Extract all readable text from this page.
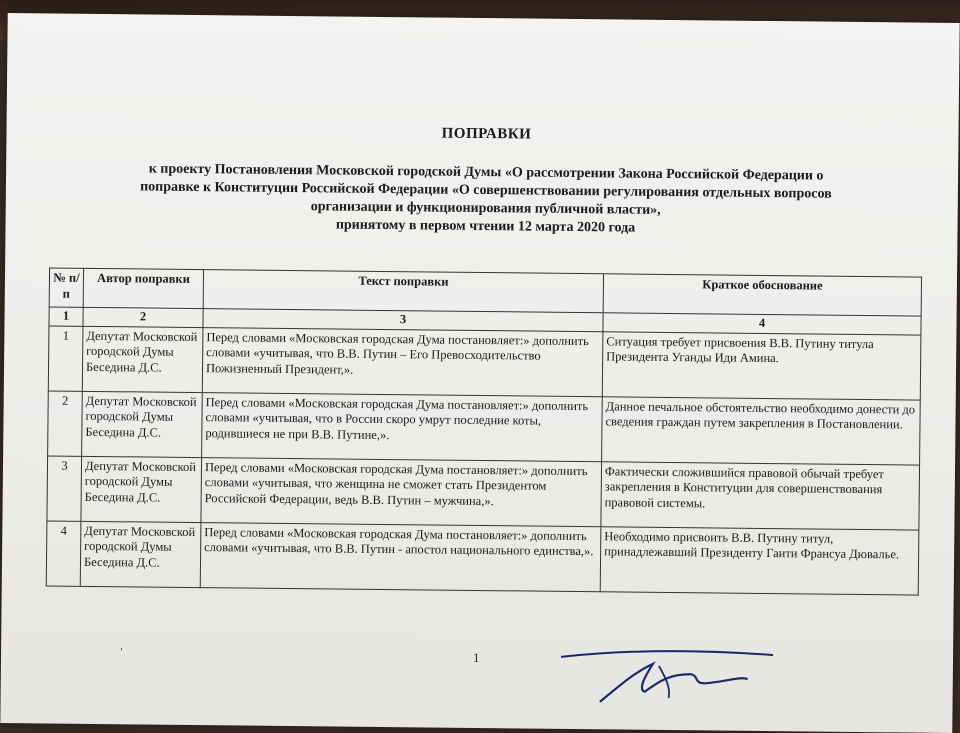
ПОПРАВКИ
к проекту Постановления Московской городской Думы «О рассмотрении Закона Российской Федерации о
поправке к Конституции Российской Федерации «О совершенствовании регулирования отдельных вопросов
организации и функционирования публичной власти»,
принятому в первом чтении 12 марта 2020 года
№ п/п	Автор поправки	Текст поправки	Краткое обоснование
1	2	3	4
1	Депутат Московской городской Думы Беседина Д.С.	Перед словами «Московская городская Дума постановляет:» дополнить словами «учитывая, что В.В. Путин – Его Превосходительство Пожизненный Президент,».	Ситуация требует присвоения В.В. Путину титула Президента Уганды Иди Амина.
2	Депутат Московской городской Думы Беседина Д.С.	Перед словами «Московская городская Дума постановляет:» дополнить словами «учитывая, что в России скоро умрут последние коты, родившиеся не при В.В. Путине,».	Данное печальное обстоятельство необходимо донести до сведения граждан путем закрепления в Постановлении.
3	Депутат Московской городской Думы Беседина Д.С.	Перед словами «Московская городская Дума постановляет:» дополнить словами «учитывая, что женщина не сможет стать Президентом Российской Федерации, ведь В.В. Путин – мужчина,».	Фактически сложившийся правовой обычай требует закрепления в Конституции для совершенствования правовой системы.
4	Депутат Московской городской Думы Беседина Д.С.	Перед словами «Московская городская Дума постановляет:» дополнить словами «учитывая, что В.В. Путин - апостол национального единства,».	Необходимо присвоить В.В. Путину титул, принадлежавший Президенту Гаити Франсуа Дювалье.
ˌ
1
